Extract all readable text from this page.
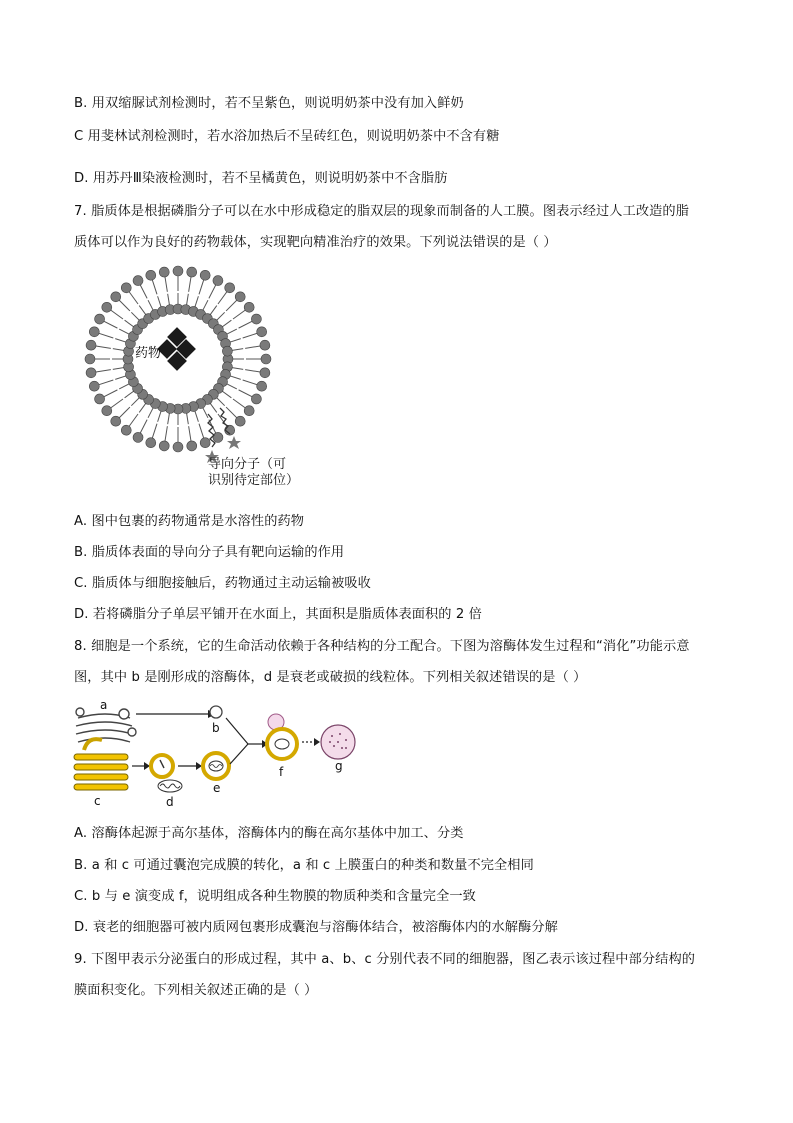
B. 用双缩脲试剂检测时，若不呈紫色，则说明奶茶中没有加入鲜奶
C 用斐林试剂检测时，若水浴加热后不呈砖红色，则说明奶茶中不含有糖
D. 用苏丹Ⅲ染液检测时，若不呈橘黄色，则说明奶茶中不含脂肪
7. 脂质体是根据磷脂分子可以在水中形成稳定的脂双层的现象而制备的人工膜。图表示经过人工改造的脂
质体可以作为良好的药物载体，实现靶向精准治疗的效果。下列说法错误的是（ ）
药物
导向分子（可
识别待定部位）
A. 图中包裹的药物通常是水溶性的药物
B. 脂质体表面的导向分子具有靶向运输的作用
C. 脂质体与细胞接触后，药物通过主动运输被吸收
D. 若将磷脂分子单层平铺开在水面上，其面积是脂质体表面积的 2 倍
8. 细胞是一个系统，它的生命活动依赖于各种结构的分工配合。下图为溶酶体发生过程和“消化”功能示意
图，其中 b 是刚形成的溶酶体，d 是衰老或破损的线粒体。下列相关叙述错误的是（ ）
a
b
c	d
e
f	g
A. 溶酶体起源于高尔基体，溶酶体内的酶在高尔基体中加工、分类
B. a 和 c 可通过囊泡完成膜的转化，a 和 c 上膜蛋白的种类和数量不完全相同
C. b 与 e 演变成 f，说明组成各种生物膜的物质种类和含量完全一致
D. 衰老的细胞器可被内质网包裹形成囊泡与溶酶体结合，被溶酶体内的水解酶分解
9. 下图甲表示分泌蛋白的形成过程，其中 a、b、c 分别代表不同的细胞器，图乙表示该过程中部分结构的
膜面积变化。下列相关叙述正确的是（ ）
